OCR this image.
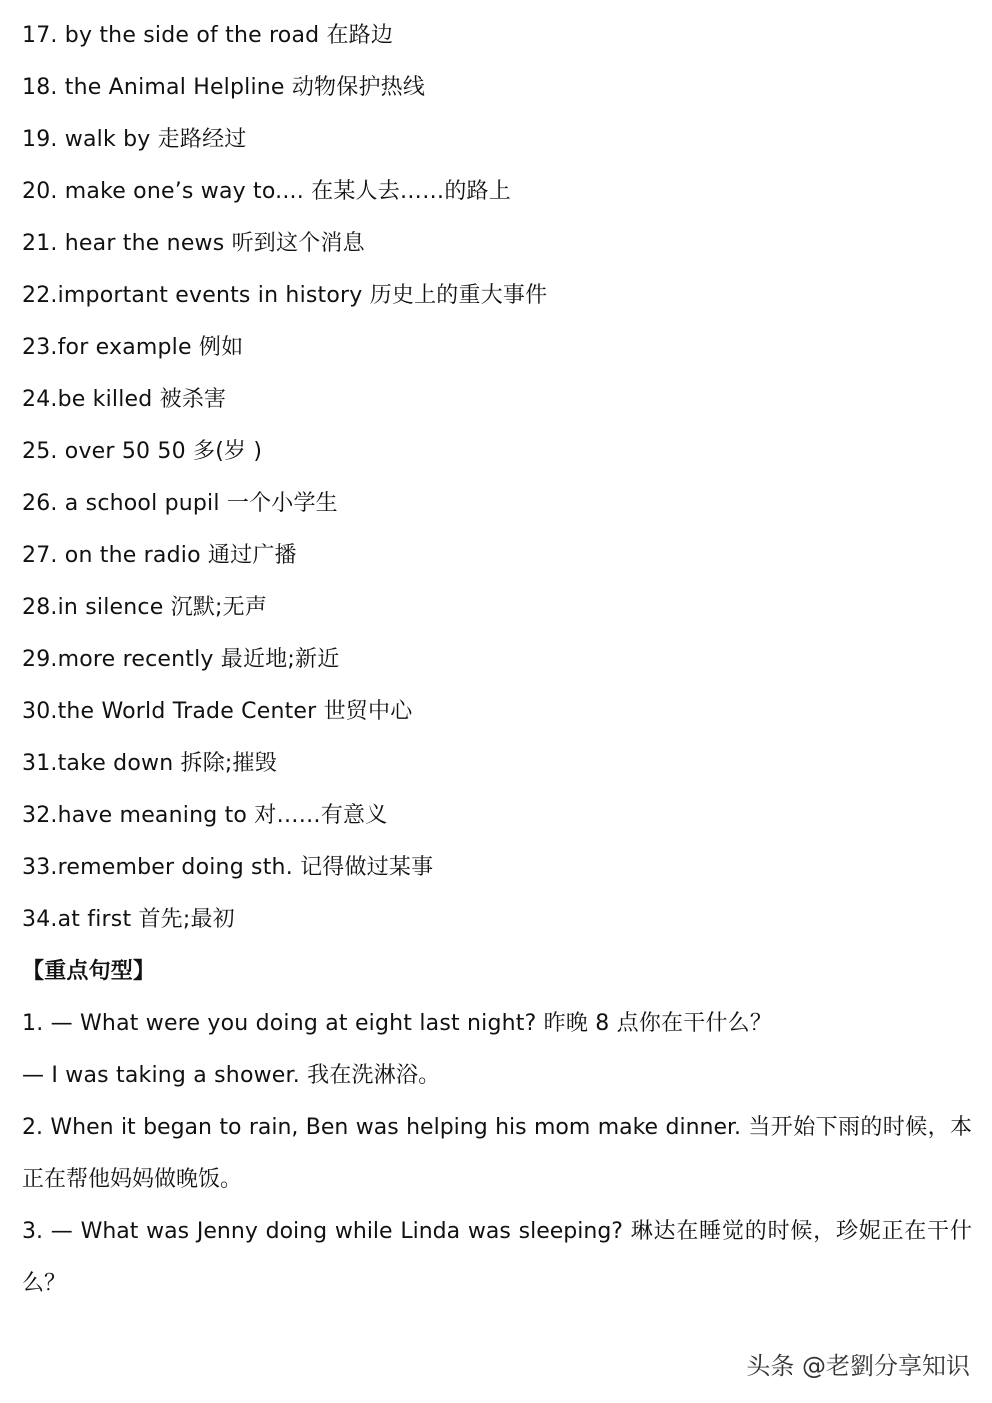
17. by the side of the road 在路边
18. the Animal Helpline 动物保护热线
19. walk by 走路经过
20. make one’s way to.... 在某人去……的路上
21. hear the news 听到这个消息
22.important events in history 历史上的重大事件
23.for example 例如
24.be killed 被杀害
25. over 50 50 多(岁 )
26. a school pupil 一个小学生
27. on the radio 通过广播
28.in silence 沉默;无声
29.more recently 最近地;新近
30.the World Trade Center 世贸中心
31.take down 拆除;摧毁
32.have meaning to 对……有意义
33.remember doing sth. 记得做过某事
34.at first 首先;最初
【重点句型】
1. — What were you doing at eight last night? 昨晚 8 点你在干什么？
— I was taking a shower. 我在洗淋浴。
2. When it began to rain, Ben was helping his mom make dinner. 当开始下雨的时候，本正在帮他妈妈做晚饭。
3. — What was Jenny doing while Linda was sleeping? 琳达在睡觉的时候，珍妮正在干什么？
头条 @老劉分享知识
